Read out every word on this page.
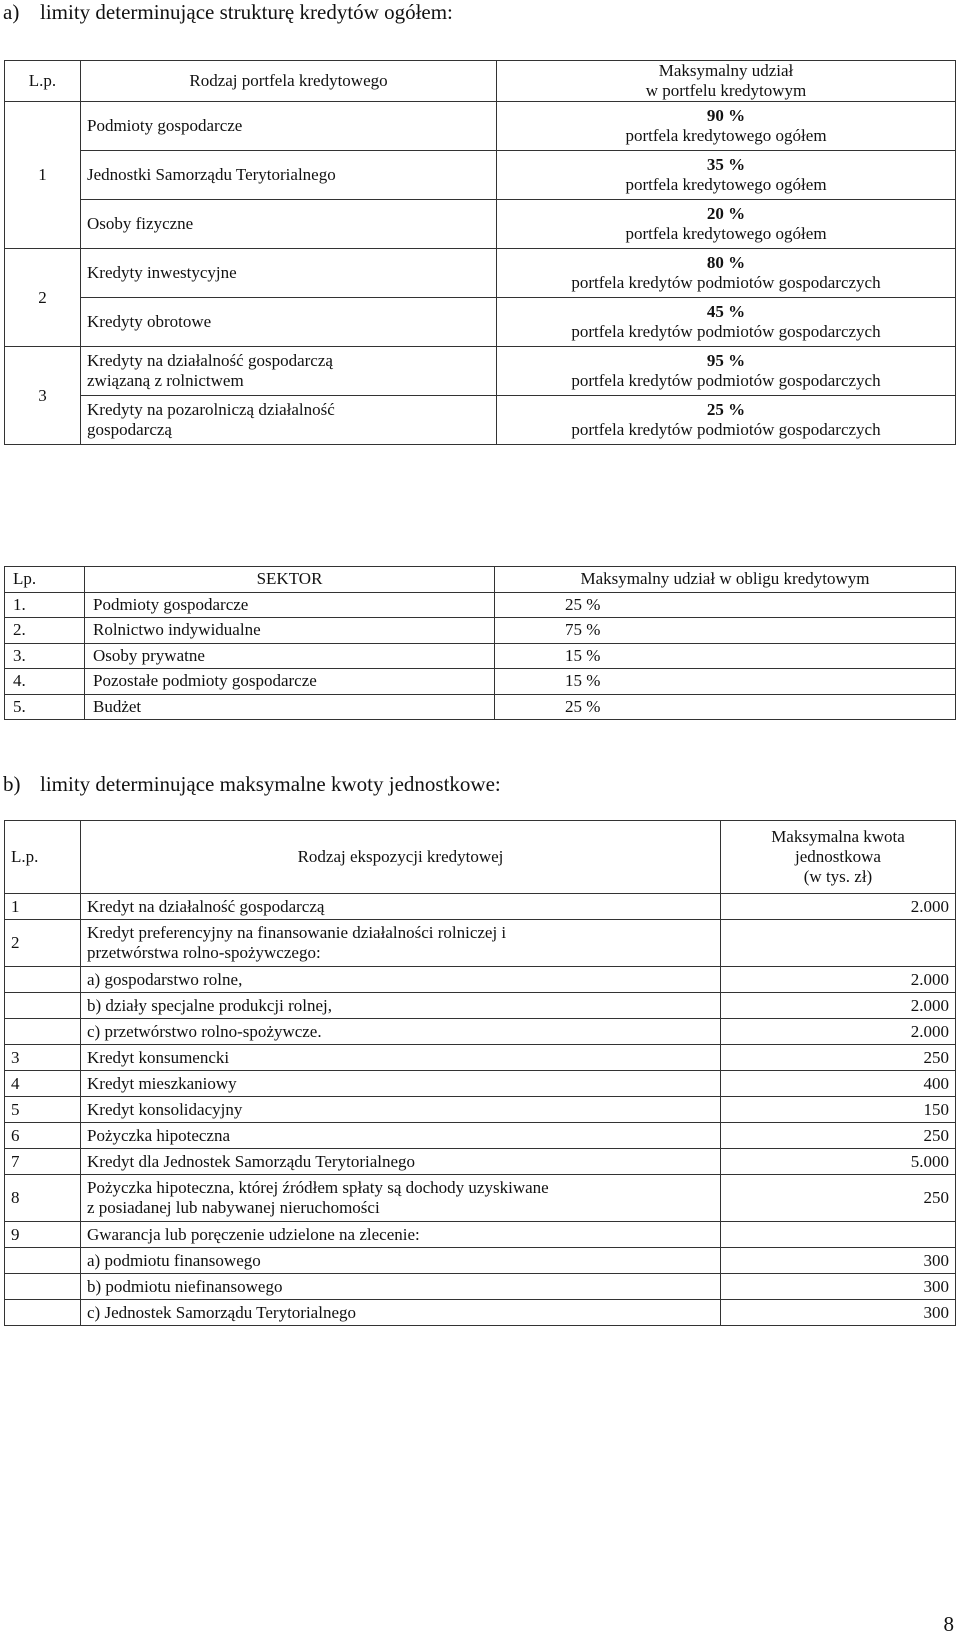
a) limity determinujące strukturę kredytów ogółem:
L.p.	Rodzaj portfela kredytowego	Maksymalny udział
w portfelu kredytowym

1	Podmioty gospodarcze	90 %
portfela kredytowego ogółem

	Jednostki Samorządu Terytorialnego	35 %
portfela kredytowego ogółem

	Osoby fizyczne	20 %
portfela kredytowego ogółem

2	Kredyty inwestycyjne	80 %
portfela kredytów podmiotów gospodarczych

	Kredyty obrotowe	45 %
portfela kredytów podmiotów gospodarczych

3	Kredyty na działalność gospodarczą
związaną z rolnictwem	95 %
portfela kredytów podmiotów gospodarczych

	Kredyty na pozarolniczą działalność
gospodarczą	25 %
portfela kredytów podmiotów gospodarczych
Lp.	SEKTOR	Maksymalny udział w obligu kredytowym
1.	Podmioty gospodarcze	25 %
2.	Rolnictwo indywidualne	75 %
3.	Osoby prywatne	15 %
4.	Pozostałe podmioty gospodarcze	15 %
5.	Budżet	25 %
b) limity determinujące maksymalne kwoty jednostkowe:
L.p.	Rodzaj ekspozycji kredytowej	Maksymalna kwota
jednostkowa
(w tys. zł)

1	Kredyt na działalność gospodarczą	2.000
2	Kredyt preferencyjny na finansowanie działalności rolniczej i
przetwórstwa rolno-spożywczego:	

	a) gospodarstwo rolne,	2.000
	b) działy specjalne produkcji rolnej,	2.000
	c) przetwórstwo rolno-spożywcze.	2.000
3	Kredyt konsumencki	250
4	Kredyt mieszkaniowy	400
5	Kredyt konsolidacyjny	150
6	Pożyczka hipoteczna	250
7	Kredyt dla Jednostek Samorządu Terytorialnego	5.000
8	Pożyczka hipoteczna, której źródłem spłaty są dochody uzyskiwane
z posiadanej lub nabywanej nieruchomości	250
9	Gwarancja lub poręczenie udzielone na zlecenie:	
	a) podmiotu finansowego	300
	b) podmiotu niefinansowego	300
	c) Jednostek Samorządu Terytorialnego	300
8
